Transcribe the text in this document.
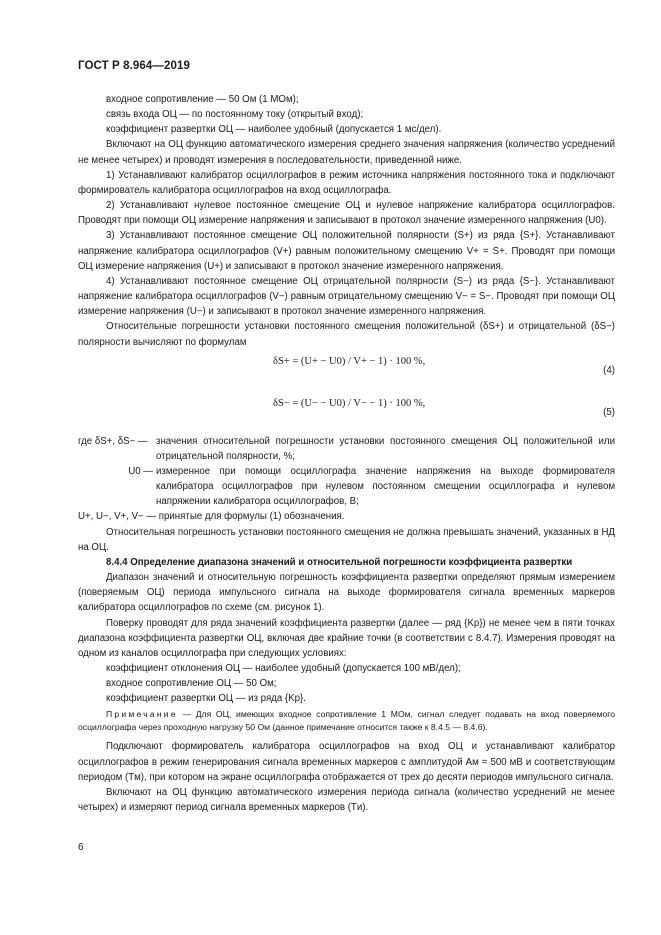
ГОСТ Р 8.964—2019

входное сопротивление — 50 Ом (1 МОм);

связь входа ОЦ — по постоянному току (открытый вход);

коэффициент развертки ОЦ — наиболее удобный (допускается 1 мс/дел).

Включают на ОЦ функцию автоматического измерения среднего значения напряжения (количество усреднений не менее четырех) и проводят измерения в последовательности, приведенной ниже.

1) Устанавливают калибратор осциллографов в режим источника напряжения постоянного тока и подключают формирователь калибратора осциллографов на вход осциллографа.

2) Устанавливают нулевое постоянное смещение ОЦ и нулевое напряжение калибратора осциллографов. Проводят при помощи ОЦ измерение напряжения и записывают в протокол значение измеренного напряжения (U0).

3) Устанавливают постоянное смещение ОЦ положительной полярности (S+) из ряда {S+}. Устанавливают напряжение калибратора осциллографов (V+) равным положительному смещению V+ = S+. Проводят при помощи ОЦ измерение напряжения (U+) и записывают в протокол значение измеренного напряжения.

4) Устанавливают постоянное смещение ОЦ отрицательной полярности (S−) из ряда {S−}. Устанавливают напряжение калибратора осциллографов (V−) равным отрицательному смещению V− = S−. Проводят при помощи ОЦ измерение напряжения (U−) и записывают в протокол значение измеренного напряжения.

Относительные погрешности установки постоянного смещения положительной (δS+) и отрицательной (δS−) полярности вычисляют по формулам

δS+ = (U+ − U0) / V+ − 1) · 100 %,
(4)
δS− = (U− − U0) / V− − 1) · 100 %,
(5)
где δS+, δS− — значения относительной погрешности установки постоянного смещения ОЦ положительной или отрицательной полярности, %;
U0 — измеренное при помощи осциллографа значение напряжения на выходе формирователя калибратора осциллографов при нулевом постоянном смещении осциллографа и нулевом напряжении калибратора осциллографов, В;

U+, U−, V+, V− — принятые для формулы (1) обозначения.

Относительная погрешность установки постоянного смещения не должна превышать значений, указанных в НД на ОЦ.

8.4.4 Определение диапазона значений и относительной погрешности коэффициента развертки

Диапазон значений и относительную погрешность коэффициента развертки определяют прямым измерением (поверяемым ОЦ) периода импульсного сигнала на выходе формирователя сигнала временных маркеров калибратора осциллографов по схеме (см. рисунок 1).

Поверку проводят для ряда значений коэффициента развертки (далее — ряд {Kp}) не менее чем в пяти точках диапазона коэффициента развертки ОЦ, включая две крайние точки (в соответствии с 8.4.7). Измерения проводят на одном из каналов осциллографа при следующих условиях:

коэффициент отклонения ОЦ — наиболее удобный (допускается 100 мВ/дел);

входное сопротивление ОЦ — 50 Ом;

коэффициент развертки ОЦ — из ряда {Kp}.

Примечание — Для ОЦ, имеющих входное сопротивление 1 МОм, сигнал следует подавать на вход поверяемого осциллографа через проходную нагрузку 50 Ом (данное примечание относится также к 8.4.5 — 8.4.6).

Подключают формирователь калибратора осциллографов на вход ОЦ и устанавливают калибратор осциллографов в режим генерирования сигнала временных маркеров c амплитудой Aм = 500 мВ и соответствующим периодом (Tм), при котором на экране осциллографа отображается от трех до десяти периодов импульсного сигнала.

Включают на ОЦ функцию автоматического измерения периода сигнала (количество усреднений не менее четырех) и измеряют период сигнала временных маркеров (Tи).

6
